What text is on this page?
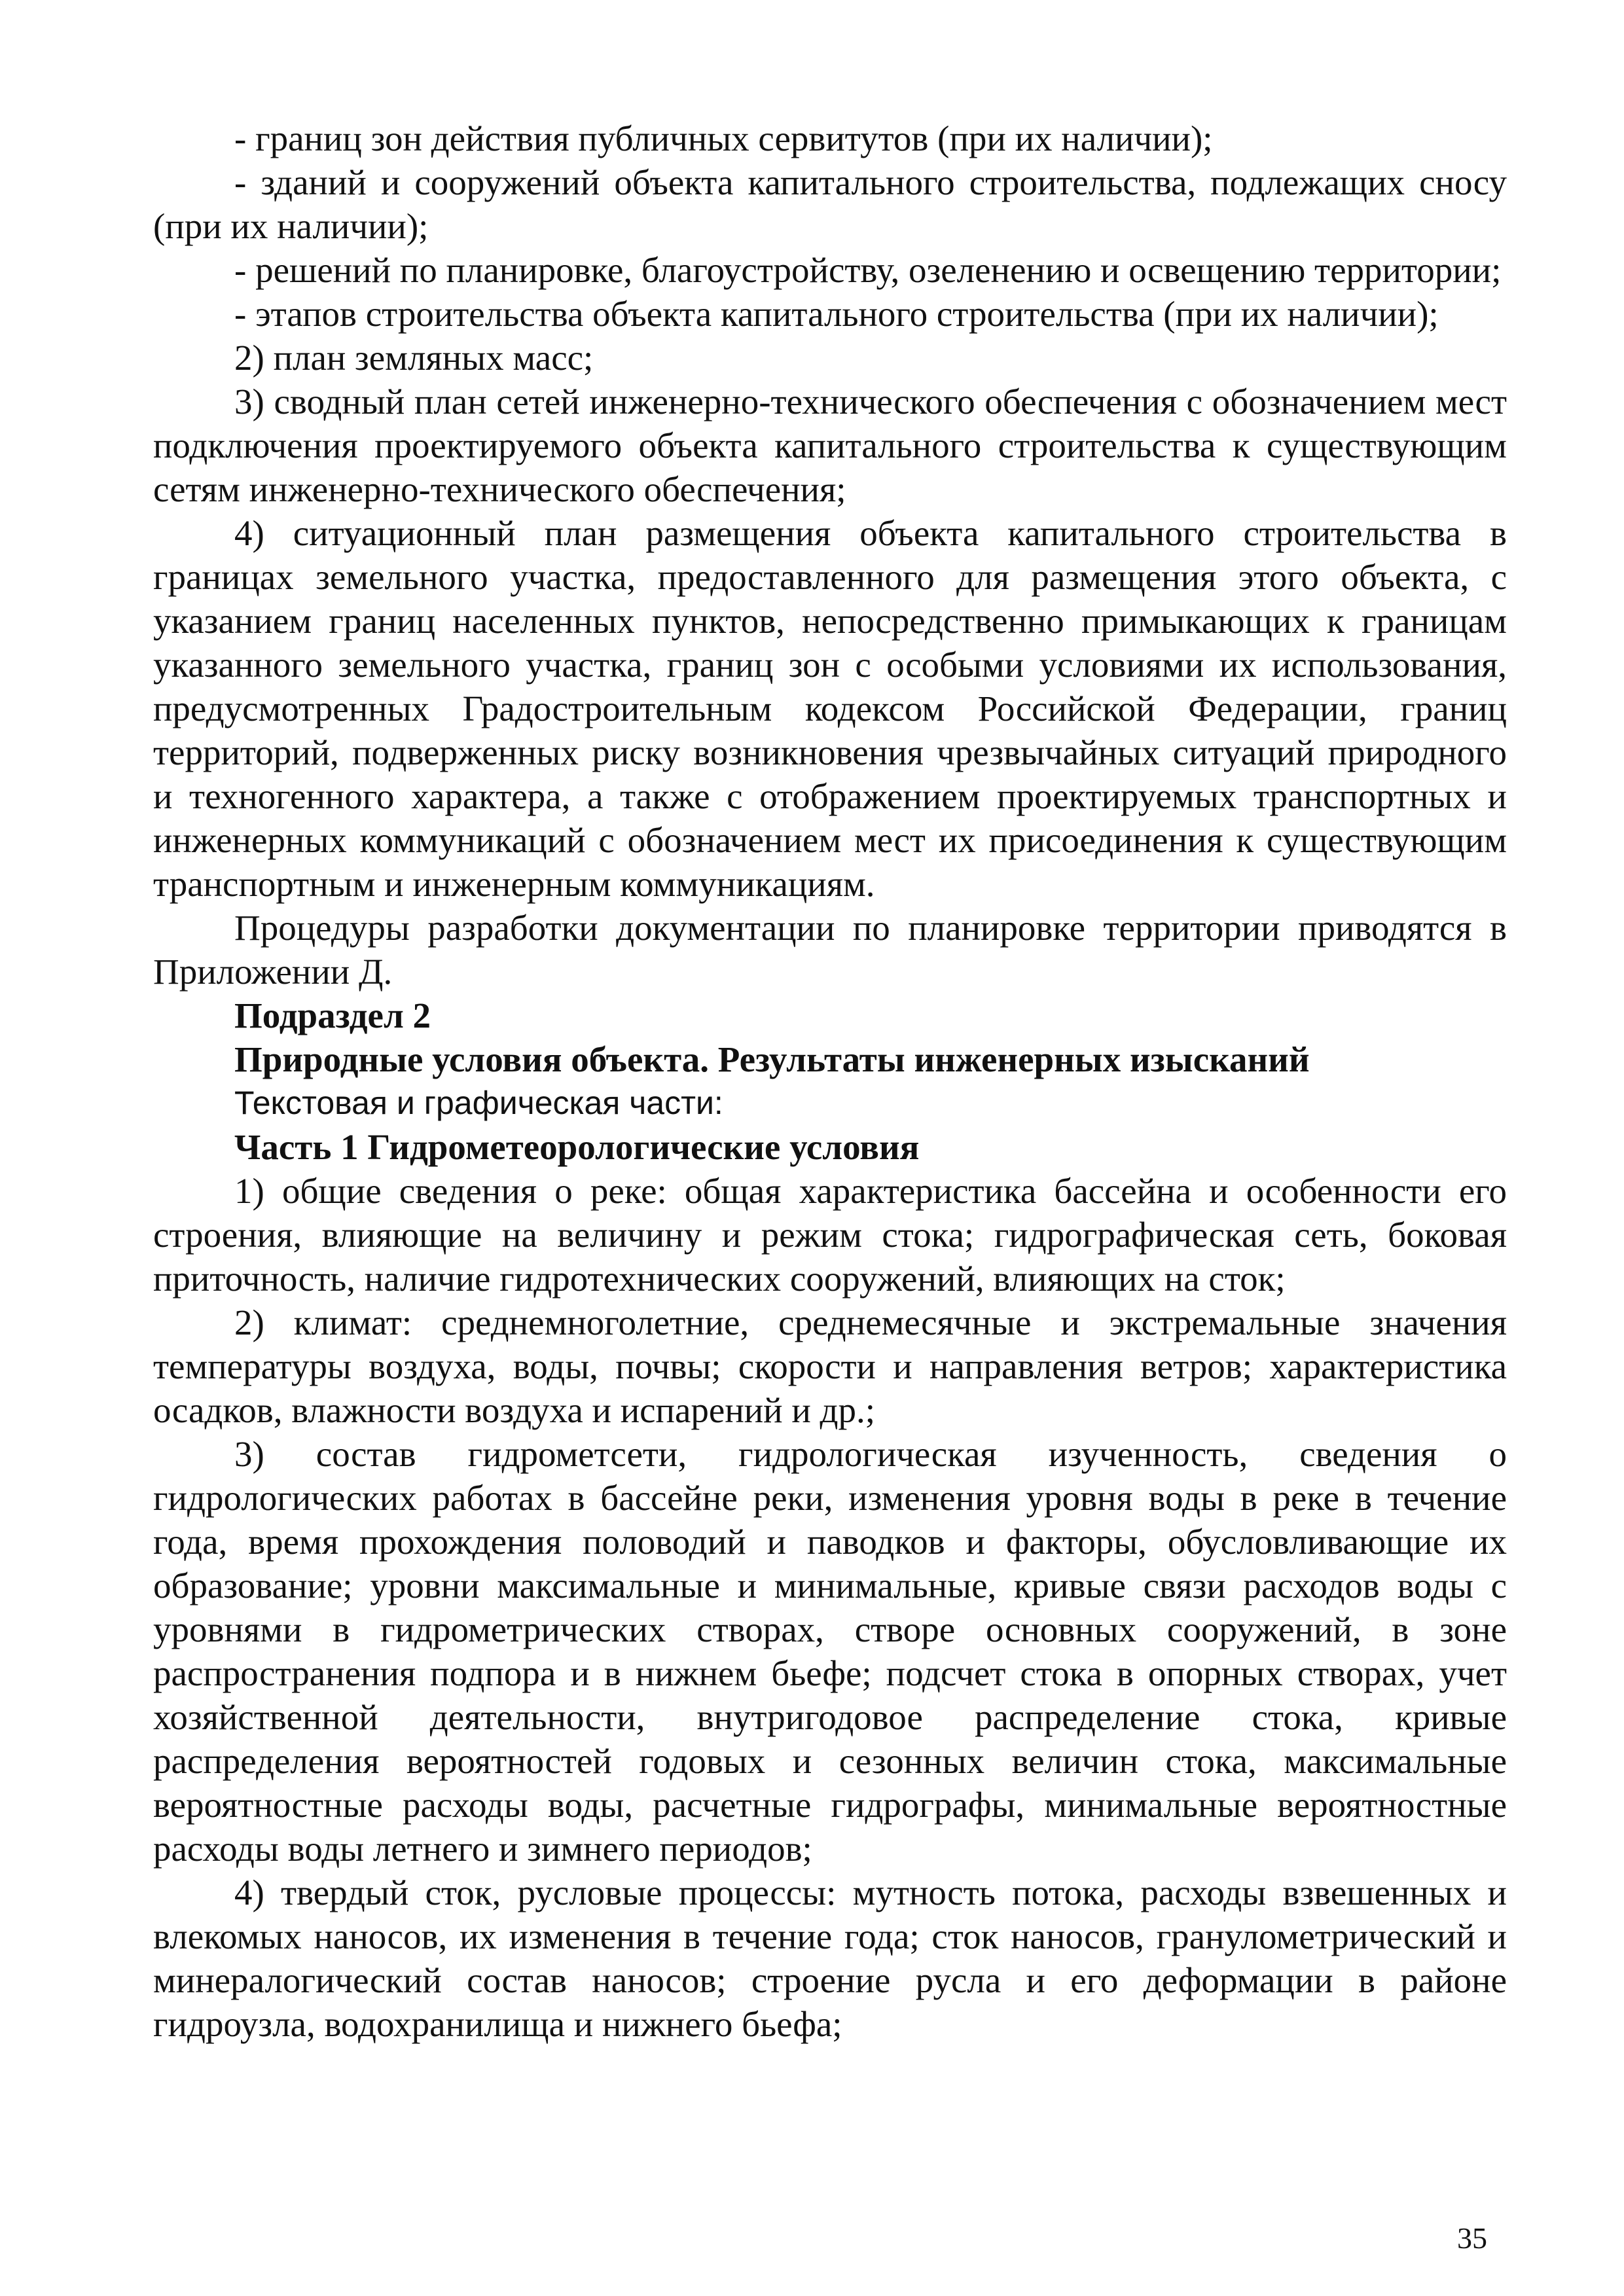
- границ зон действия публичных сервитутов (при их наличии);

- зданий и сооружений объекта капитального строительства, подлежащих сносу (при их наличии);

- решений по планировке, благоустройству, озеленению и освещению территории;

- этапов строительства объекта капитального строительства (при их наличии);

2) план земляных масс;

3) сводный план сетей инженерно-технического обеспечения с обозначением мест подключения проектируемого объекта капитального строительства к существующим сетям инженерно-технического обеспечения;

4) ситуационный план размещения объекта капитального строительства в границах земельного участка, предоставленного для размещения этого объекта, с указанием границ населенных пунктов, непосредственно примыкающих к границам указанного земельного участка, границ зон с особыми условиями их использования, предусмотренных Градостроительным кодексом Российской Федерации, границ территорий, подверженных риску возникновения чрезвычайных ситуаций природного и техногенного характера, а также с отображением проектируемых транспортных и инженерных коммуникаций с обозначением мест их присоединения к существующим транспортным и инженерным коммуникациям.

Процедуры разработки документации по планировке территории приводятся в Приложении Д.

Подраздел 2

Природные условия объекта. Результаты инженерных изысканий

Текстовая и графическая части:

Часть 1 Гидрометеорологические условия

1) общие сведения о реке: общая характеристика бассейна и особенности его строения, влияющие на величину и режим стока; гидрографическая сеть, боковая приточность, наличие гидротехнических сооружений, влияющих на сток;

2) климат: среднемноголетние, среднемесячные и экстремальные значения температуры воздуха, воды, почвы; скорости и направления ветров; характеристика осадков, влажности воздуха и испарений и др.;

3) состав гидрометсети, гидрологическая изученность, сведения о гидрологических работах в бассейне реки, изменения уровня воды в реке в течение года, время прохождения половодий и паводков и факторы, обусловливающие их образование; уровни максимальные и минимальные, кривые связи расходов воды с уровнями в гидрометрических створах, створе основных сооружений, в зоне распространения подпора и в нижнем бьефе; подсчет стока в опорных створах, учет хозяйственной деятельности, внутригодовое распределение стока, кривые распределения вероятностей годовых и сезонных величин стока, максимальные вероятностные расходы воды, расчетные гидрографы, минимальные вероятностные расходы воды летнего и зимнего периодов;

4) твердый сток, русловые процессы: мутность потока, расходы взвешенных и влекомых наносов, их изменения в течение года; сток наносов, гранулометрический и минералогический состав наносов; строение русла и его деформации в районе гидроузла, водохранилища и нижнего бьефа;

35
